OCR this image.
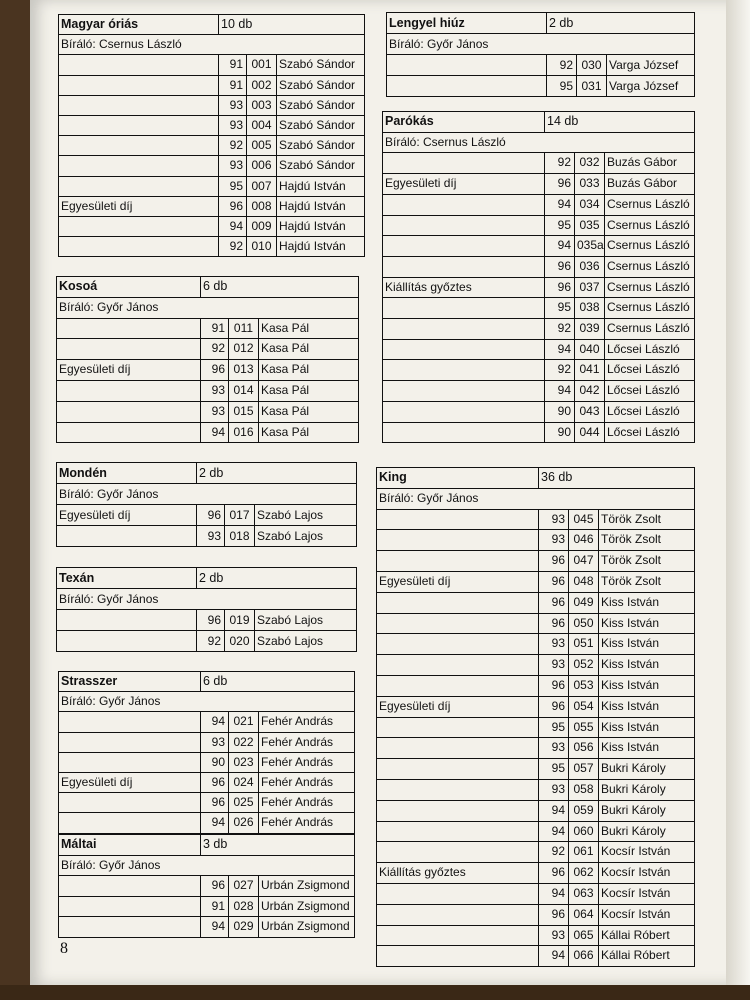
Magyar óriás	10 db		
Bíráló: Csernus László			
	91	001	Szabó Sándor
	91	002	Szabó Sándor
	93	003	Szabó Sándor
	93	004	Szabó Sándor
	92	005	Szabó Sándor
	93	006	Szabó Sándor
	95	007	Hajdú István
Egyesületi díj	96	008	Hajdú István
	94	009	Hajdú István
	92	010	Hajdú István
Kosoá	6 db		
Bíráló: Győr János			
	91	011	Kasa Pál
	92	012	Kasa Pál
Egyesületi díj	96	013	Kasa Pál
	93	014	Kasa Pál
	93	015	Kasa Pál
	94	016	Kasa Pál
Mondén	2 db		
Bíráló: Győr János			
Egyesületi díj	96	017	Szabó Lajos
	93	018	Szabó Lajos
Texán	2 db		
Bíráló: Győr János			
	96	019	Szabó Lajos
	92	020	Szabó Lajos
Strasszer	6 db		
Bíráló: Győr János			
	94	021	Fehér András
	93	022	Fehér András
	90	023	Fehér András
Egyesületi díj	96	024	Fehér András
	96	025	Fehér András
	94	026	Fehér András
Máltai	3 db		
Bíráló: Győr János			
	96	027	Urbán Zsigmond
	91	028	Urbán Zsigmond
	94	029	Urbán Zsigmond
Lengyel hiúz	2 db		
Bíráló: Győr János			
	92	030	Varga József
	95	031	Varga József
Parókás	14 db		
Bíráló: Csernus László			
	92	032	Buzás Gábor
Egyesületi díj	96	033	Buzás Gábor
	94	034	Csernus László
	95	035	Csernus László
	94	035a	Csernus László
	96	036	Csernus László
Kiállítás győztes	96	037	Csernus László
	95	038	Csernus László
	92	039	Csernus László
	94	040	Lőcsei László
	92	041	Lőcsei László
	94	042	Lőcsei László
	90	043	Lőcsei László
	90	044	Lőcsei László
King	36 db		
Bíráló: Győr János			
	93	045	Török Zsolt
	93	046	Török Zsolt
	96	047	Török Zsolt
Egyesületi díj	96	048	Török Zsolt
	96	049	Kiss István
	96	050	Kiss István
	93	051	Kiss István
	93	052	Kiss István
	96	053	Kiss István
Egyesületi díj	96	054	Kiss István
	95	055	Kiss István
	93	056	Kiss István
	95	057	Bukri Károly
	93	058	Bukri Károly
	94	059	Bukri Károly
	94	060	Bukri Károly
	92	061	Kocsír István
Kiállítás győztes	96	062	Kocsír István
	94	063	Kocsír István
	96	064	Kocsír István
	93	065	Kállai Róbert
	94	066	Kállai Róbert
8
